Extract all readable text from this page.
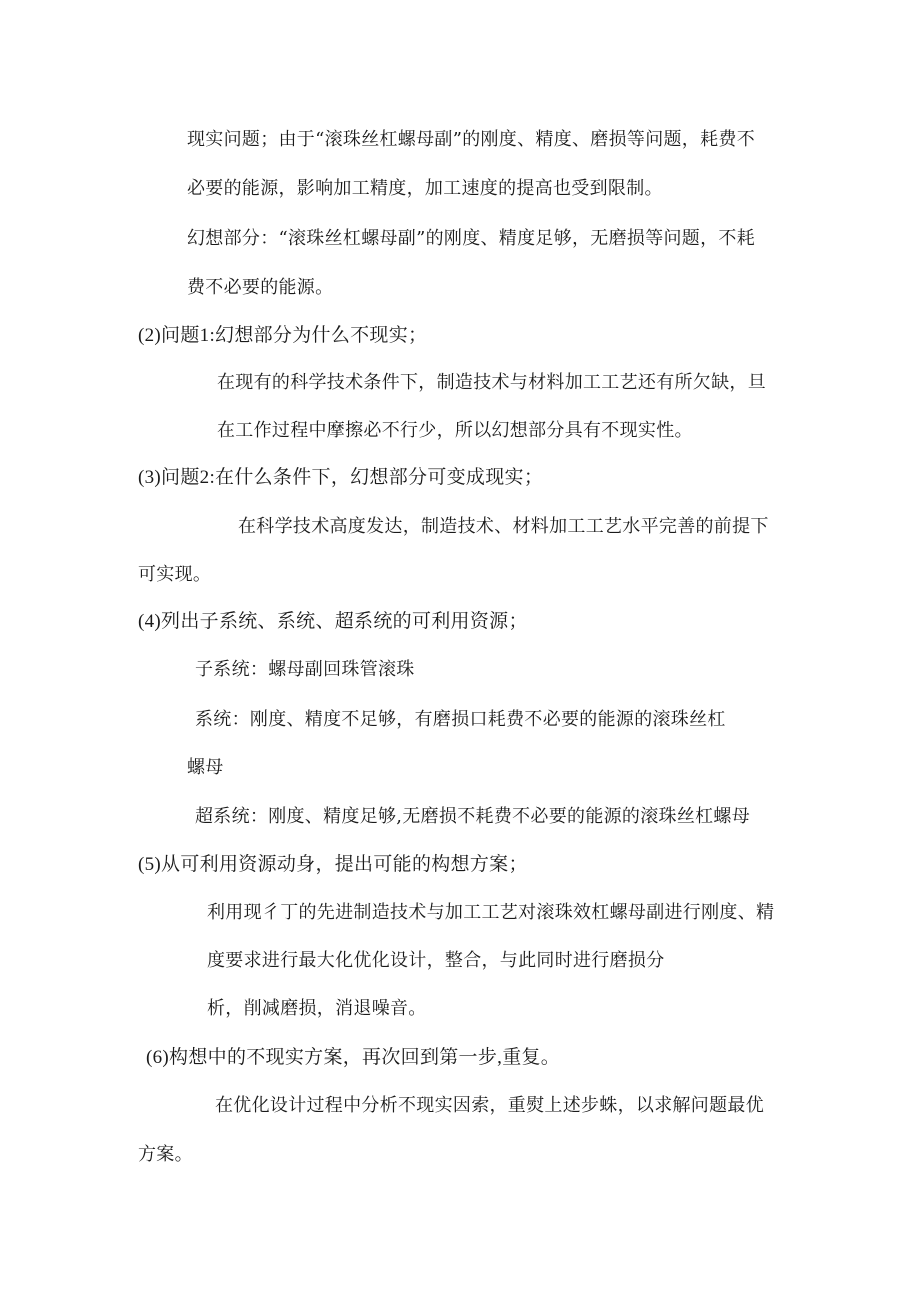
现实问题；由于“滚珠丝杠螺母副”的刚度、精度、磨损等问题，耗费不
必要的能源，影响加工精度，加工速度的提高也受到限制。
幻想部分：“滚珠丝杠螺母副”的刚度、精度足够，无磨损等问题，不耗
费不必要的能源。
(2)问题1:幻想部分为什么不现实；
在现有的科学技术条件下，制造技术与材料加工工艺还有所欠缺，旦
在工作过程中摩擦必不行少，所以幻想部分具有不现实性。
(3)问题2:在什么条件下，幻想部分可变成现实；
在科学技术高度发达，制造技术、材料加工工艺水平完善的前提下
可实现。
(4)列出子系统、系统、超系统的可利用资源；
子系统：螺母副回珠管滚珠
系统：刚度、精度不足够，有磨损口耗费不必要的能源的滚珠丝杠
螺母
超系统：刚度、精度足够,无磨损不耗费不必要的能源的滚珠丝杠螺母
(5)从可利用资源动身，提出可能的构想方案；
利用现彳丁的先进制造技术与加工工艺对滚珠效杠螺母副进行刚度、精
度要求进行最大化优化设计，整合，与此同时进行磨损分
析，削减磨损，消退噪音。
(6)构想中的不现实方案，再次回到第一步,重复。
在优化设计过程中分析不现实因索，重熨上述步蛛，以求解问题最优
方案。
